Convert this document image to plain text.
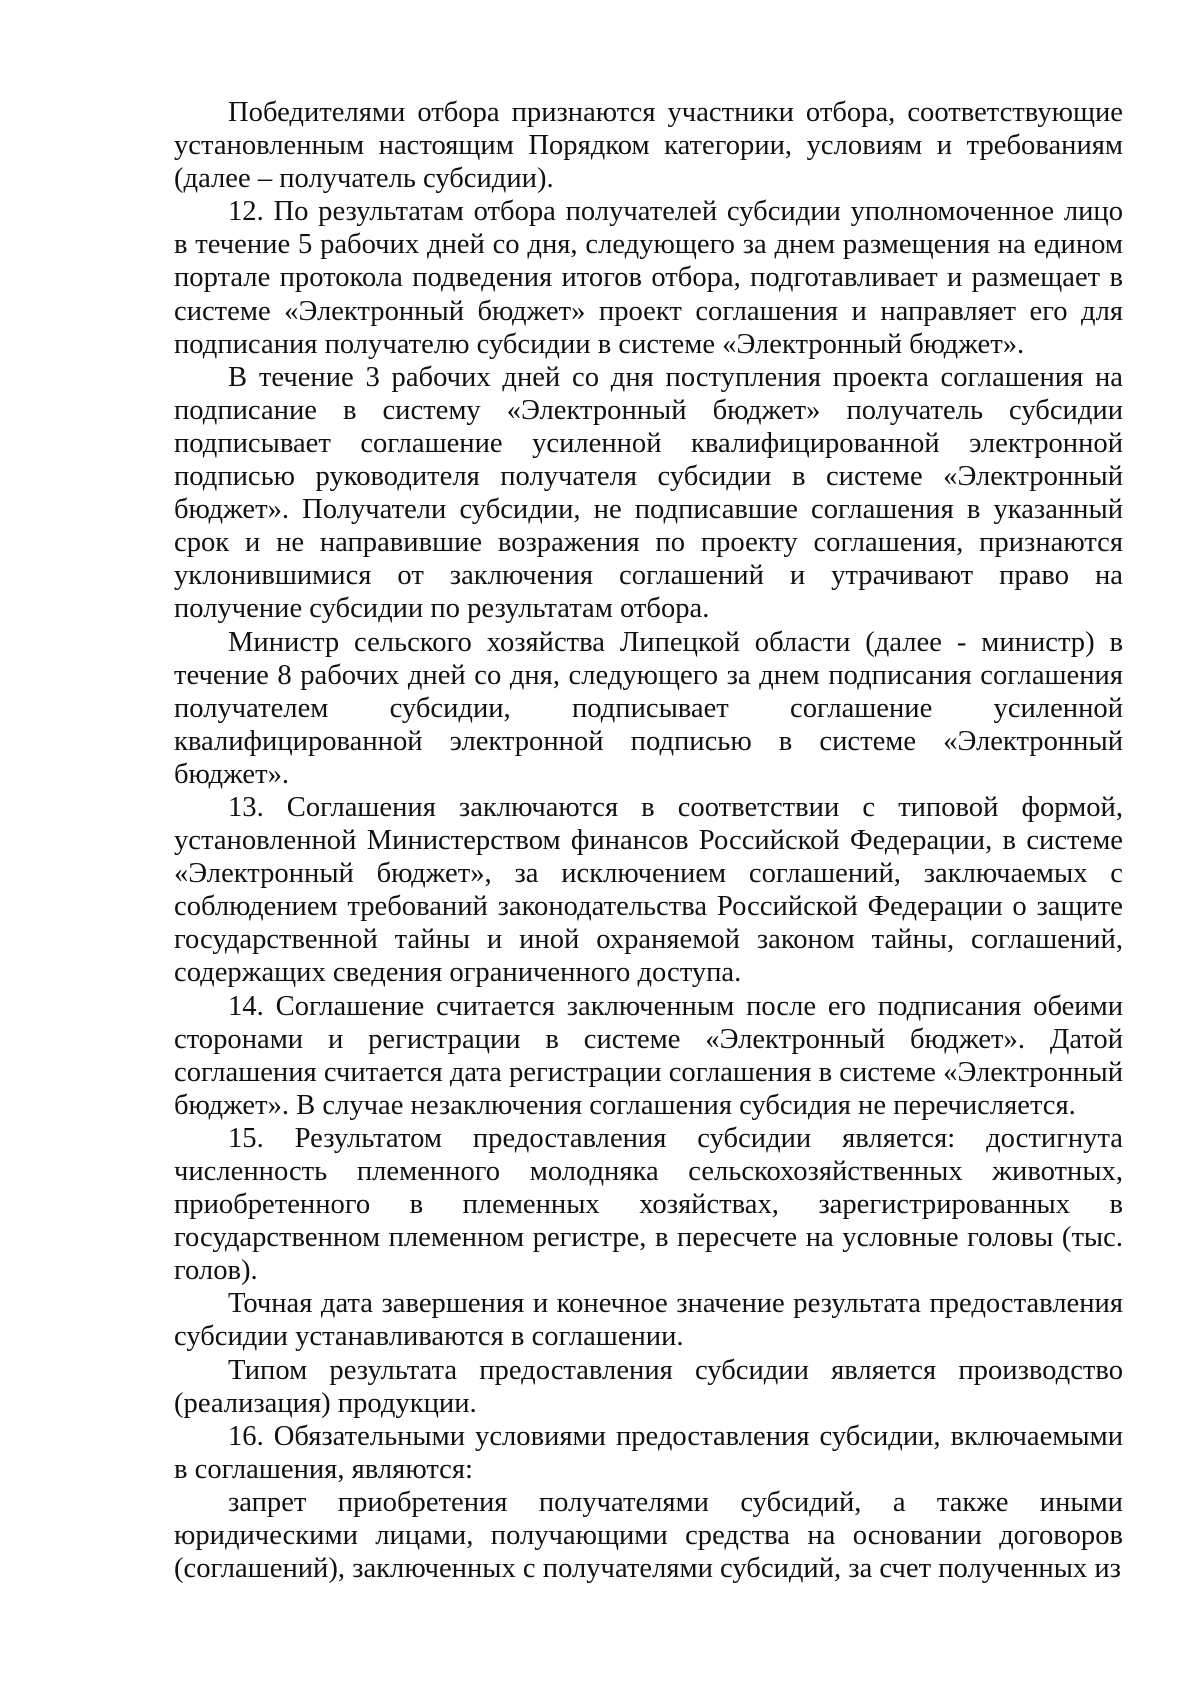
Победителями отбора признаются участники отбора, соответствующие установленным настоящим Порядком категории, условиям и требованиям (далее – получатель субсидии).

12. По результатам отбора получателей субсидии уполномоченное лицо в течение 5 рабочих дней со дня, следующего за днем размещения на едином портале протокола подведения итогов отбора, подготавливает и размещает в системе «Электронный бюджет» проект соглашения и направляет его для подписания получателю субсидии в системе «Электронный бюджет».

В течение 3 рабочих дней со дня поступления проекта соглашения на подписание в систему «Электронный бюджет» получатель субсидии подписывает соглашение усиленной квалифицированной электронной подписью руководителя получателя субсидии в системе «Электронный бюджет». Получатели субсидии, не подписавшие соглашения в указанный срок и не направившие возражения по проекту соглашения, признаются уклонившимися от заключения соглашений и утрачивают право на получение субсидии по результатам отбора.

Министр сельского хозяйства Липецкой области (далее - министр) в течение 8 рабочих дней со дня, следующего за днем подписания соглашения получателем субсидии, подписывает соглашение усиленной квалифицированной электронной подписью в системе «Электронный бюджет».

13. Соглашения заключаются в соответствии с типовой формой, установленной Министерством финансов Российской Федерации, в системе «Электронный бюджет», за исключением соглашений, заключаемых с соблюдением требований законодательства Российской Федерации о защите государственной тайны и иной охраняемой законом тайны, соглашений, содержащих сведения ограниченного доступа.

14. Соглашение считается заключенным после его подписания обеими сторонами и регистрации в системе «Электронный бюджет». Датой соглашения считается дата регистрации соглашения в системе «Электронный бюджет». В случае незаключения соглашения субсидия не перечисляется.

15. Результатом предоставления субсидии является: достигнута численность племенного молодняка сельскохозяйственных животных, приобретенного в племенных хозяйствах, зарегистрированных в государственном племенном регистре, в пересчете на условные головы (тыс. голов).

Точная дата завершения и конечное значение результата предоставления субсидии устанавливаются в соглашении.

Типом результата предоставления субсидии является производство (реализация) продукции.

16. Обязательными условиями предоставления субсидии, включаемыми в соглашения, являются:

запрет приобретения получателями субсидий, а также иными юридическими лицами, получающими средства на основании договоров (соглашений), заключенных с получателями субсидий, за счет полученных из
